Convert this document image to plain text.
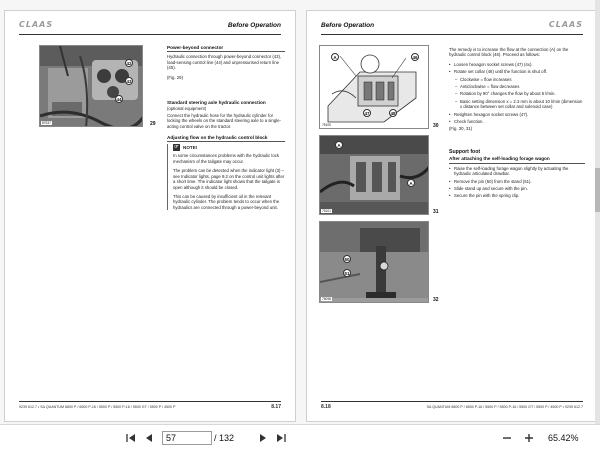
CLAAS	Before Operation
42
43
44
87937	29
Power-beyond connector
Hydraulic connection through power-beyond connector (43), load-sensing control line (44) and unpressurised return line (45).
(Fig. 29)
Standard steering axle hydraulic connection
(optional equipment)
Connect the hydraulic hose for the hydraulic cylinder for locking the wheels on the standard steering axle to a single-acting control valve on the tractor.
Adjusting flow on the hydraulic control block
☞ NOTE!
In some circumstances problems with the hydraulic lock mechanism of the tailgate may occur.
The problem can be detected when the indicator light (3) – see Indicator lights, page 9.2 on the control unit lights after a short time. The indicator light shows that the tailgate is open although it should be closed.
This can be caused by insufficient oil in the relevant hydraulic cylinder. The problem tends to occur when the hydraulics are connected through a power-beyond unit.
9239 612.7 • SA QUANTUM 6800 P / 6500 P-16 / 5500 P / 5500 P-16 / 5500 GT / 5500 P / 4500 P	8.17
Before Operation	CLAAS
A	46
47	48
75100	30
A
A
75101	31
50
51
75098	32
The remedy is to increase the flow at the connection (A) on the hydraulic control block (46). Proceed as follows:
• Loosen hexagon socket screws (47) (4x).
• Rotate set collar (48) until the function is shut off.
– Clockwise = flow increases
– Anticlockwise = flow decreases
– Rotation by 90° changes the flow by about 5 l/min.
– Basic setting dimension x = 2.3 mm is about 10 l/min (dimension x distance between set collar and solenoid case)
• Retighten hexagon socket screws (47).
• Check function.
(Fig. 30, 31)
Support foot
After attaching the self-loading forage wagon
• Raise the self-loading forage wagon slightly by actuating the hydraulic articulated drawbar.
• Remove the pin (50) from the stand (51).
• Slide stand up and secure with the pin.
• Secure the pin with the spring clip.
8.18	SA QUANTUM 6800 P / 6500 P-16 / 5500 P / 5500 P-16 / 5500 GT / 5500 P / 4500 P • 9239 612.7
57	/ 132	65.42%
